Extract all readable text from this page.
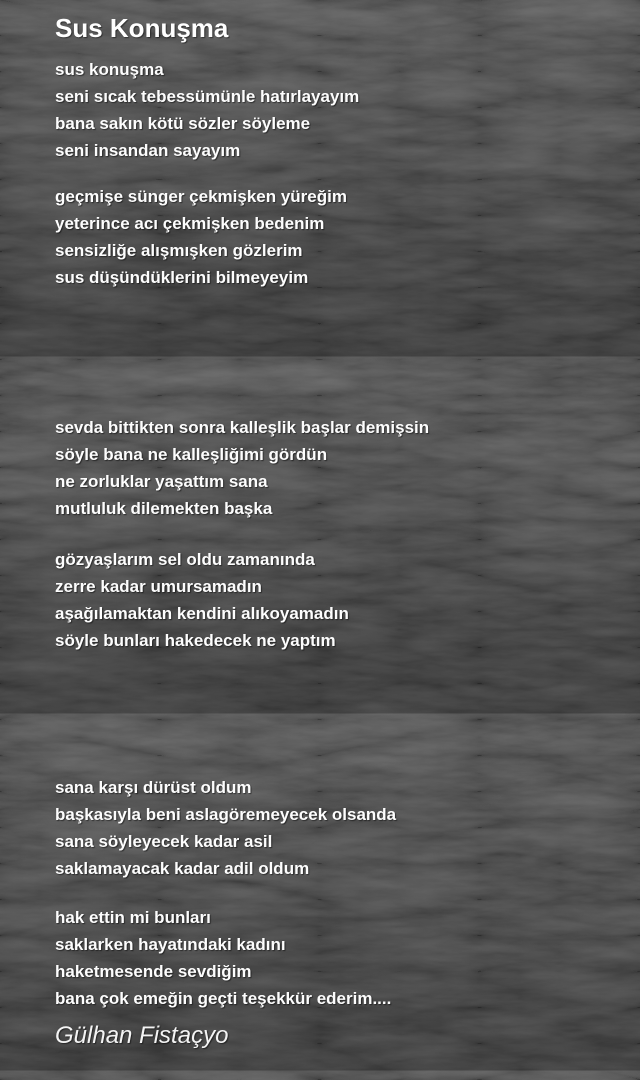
Sus Konuşma
sus konuşma
seni sıcak tebessümünle hatırlayayım
bana sakın kötü sözler söyleme
seni insandan sayayım
geçmişe sünger çekmişken yüreğim
yeterince acı çekmişken bedenim
sensizliğe alışmışken gözlerim
sus düşündüklerini bilmeyeyim
sevda bittikten sonra kalleşlik başlar demişsin
söyle bana ne kalleşliğimi gördün
ne zorluklar yaşattım sana
mutluluk dilemekten başka
gözyaşlarım sel oldu zamanında
zerre kadar umursamadın
aşağılamaktan kendini alıkoyamadın
söyle bunları hakedecek ne yaptım
sana karşı dürüst oldum
başkasıyla beni aslagöremeyecek olsanda
sana söyleyecek kadar asil
saklamayacak kadar adil oldum
hak ettin mi bunları
saklarken hayatındaki kadını
haketmesende sevdiğim
bana çok emeğin geçti teşekkür ederim....
Gülhan Fistaçyo
